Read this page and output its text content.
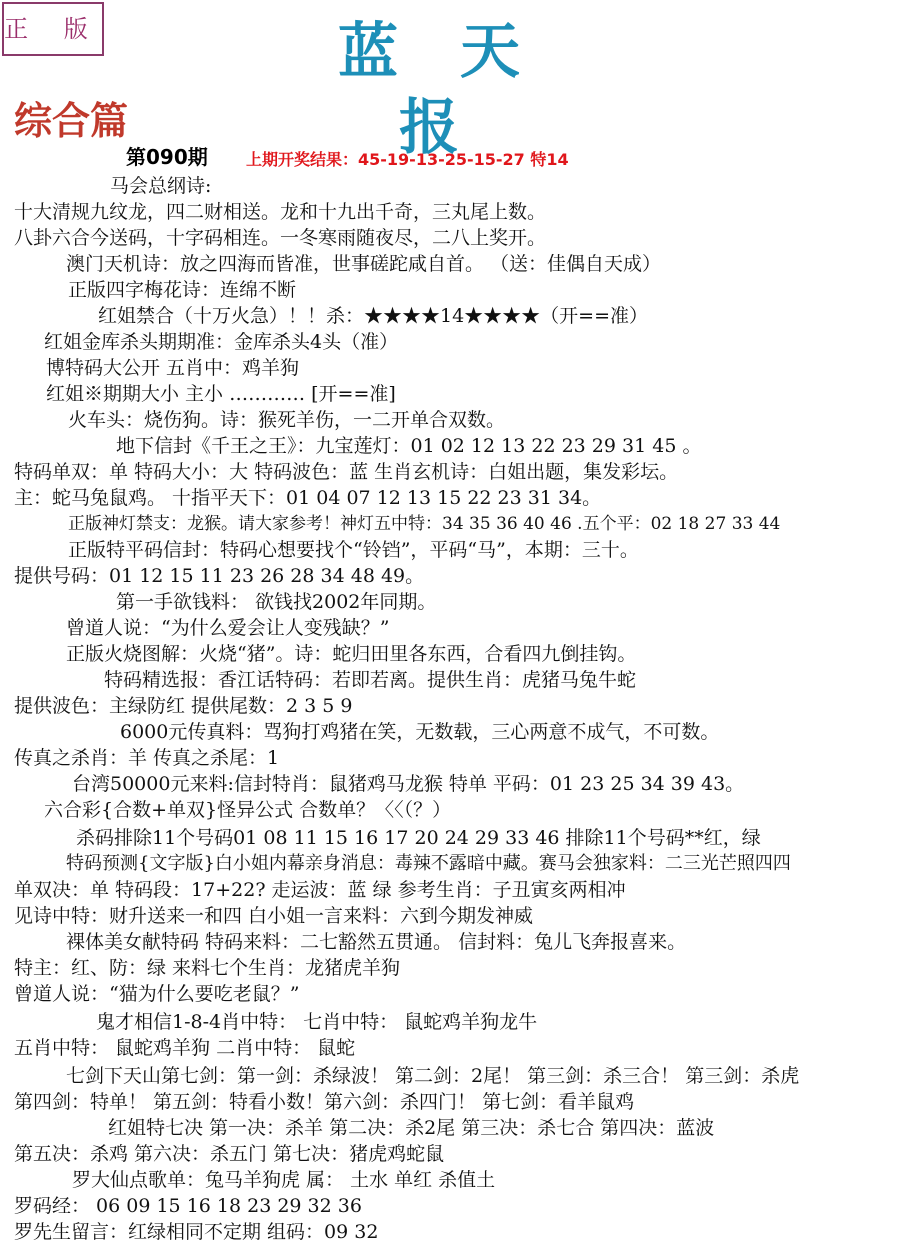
正 版	蓝天报
综合篇
第090期 上期开奖结果：45-19-13-25-15-27 特14
马会总纲诗:
十大清规九纹龙，四二财相送。龙和十九出千奇，三丸尾上数。
八卦六合今送码，十字码相连。一冬寒雨随夜尽，二八上奖开。
澳门天机诗：放之四海而皆准，世事磋跎咸自首。 （送：佳偶自天成）
正版四字梅花诗：连绵不断
红姐禁合（十万火急）！！杀：★★★★14★★★★（开==准）
红姐金库杀头期期准：金库杀头4头（准）
博特码大公开 五肖中：鸡羊狗
红姐※期期大小 主小 ………… [开==准]
火车头：烧伤狗。诗：猴死羊伤，一二开单合双数。
地下信封《千王之王》：九宝莲灯：01 02 12 13 22 23 29 31 45 。
特码单双：单 特码大小：大 特码波色：蓝 生肖玄机诗：白姐出题，集发彩坛。
主：蛇马兔鼠鸡。 十指平天下：01 04 07 12 13 15 22 23 31 34。
正版神灯禁支：龙猴。请大家参考！神灯五中特：34 35 36 40 46 .五个平：02 18 27 33 44
正版特平码信封：特码心想要找个“铃铛”，平码“马”，本期：三十。
提供号码：01 12 15 11 23 26 28 34 48 49。
第一手欲钱料： 欲钱找2002年同期。
曾道人说：“为什么爱会让人变残缺？”
正版火烧图解：火烧“猪”。诗：蛇归田里各东西，合看四九倒挂钩。
特码精选报：香江话特码：若即若离。提供生肖：虎猪马兔牛蛇
提供波色：主绿防红 提供尾数：2 3 5 9
6000元传真料：骂狗打鸡猪在笑，无数载，三心两意不成气，不可数。
传真之杀肖：羊 传真之杀尾：1
台湾50000元来料:信封特肖：鼠猪鸡马龙猴 特单 平码：01 23 25 34 39 43。
六合彩{合数+单双}怪异公式 合数单？〈〈（？）
杀码排除11个号码01 08 11 15 16 17 20 24 29 33 46 排除11个号码**红，绿
特码预测{文字版}白小姐内幕亲身消息：毒辣不露暗中藏。赛马会独家料：二三光芒照四四
单双决：单 特码段：17+22? 走运波：蓝 绿 参考生肖：子丑寅亥两相冲
见诗中特：财升送来一和四 白小姐一言来料：六到今期发神威
裸体美女献特码 特码来料：二七豁然五贯通。 信封料：兔儿飞奔报喜来。
特主：红、防：绿 来料七个生肖：龙猪虎羊狗
曾道人说：“猫为什么要吃老鼠？”
鬼才相信1-8-4肖中特： 七肖中特： 鼠蛇鸡羊狗龙牛
五肖中特： 鼠蛇鸡羊狗 二肖中特： 鼠蛇
七剑下天山第七剑：第一剑：杀绿波！ 第二剑：2尾！ 第三剑：杀三合！ 第三剑：杀虎
第四剑：特单！ 第五剑：特看小数！第六剑：杀四门！ 第七剑：看羊鼠鸡
红姐特七决 第一决：杀羊 第二决：杀2尾 第三决：杀七合 第四决：蓝波
第五决：杀鸡 第六决：杀五门 第七决：猪虎鸡蛇鼠
罗大仙点歌单：兔马羊狗虎 属： 土水 单红 杀值土
罗码经： 06 09 15 16 18 23 29 32 36
罗先生留言：红绿相同不定期 组码：09 32
